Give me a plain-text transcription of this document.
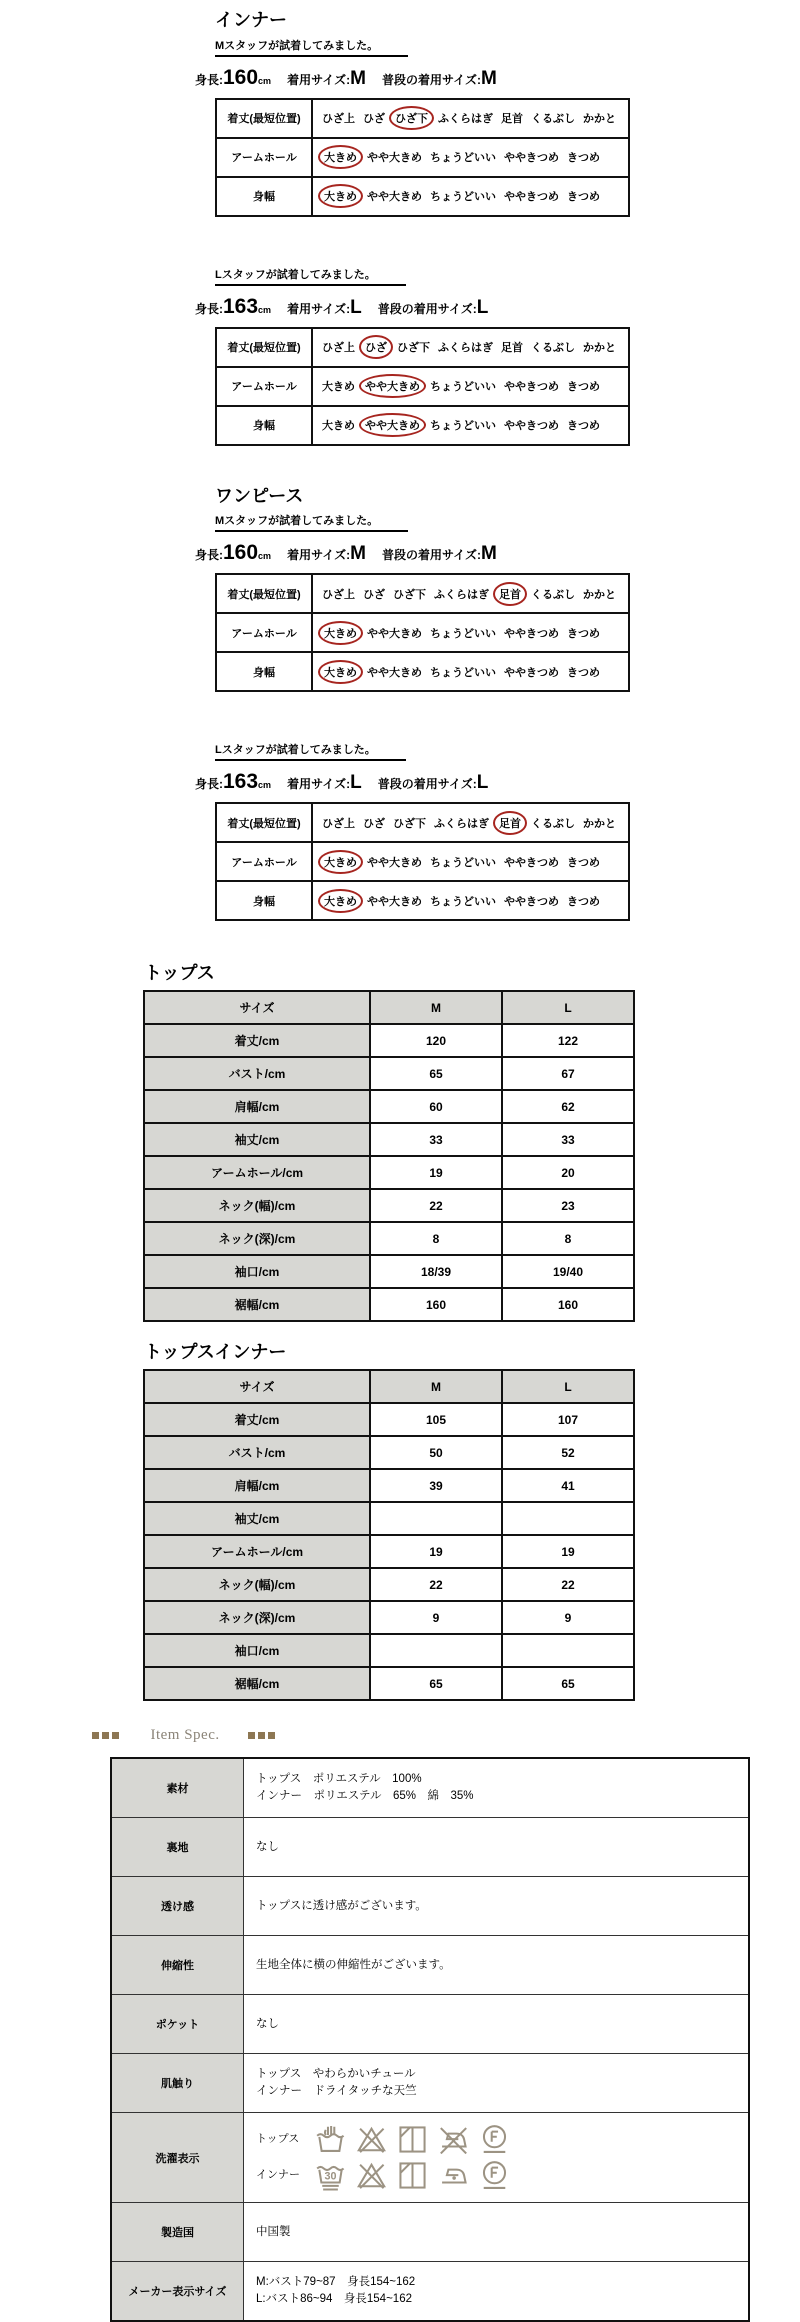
インナー
Mスタッフが試着してみました。
身長:160cm 着用サイズ:M 普段の着用サイズ:M
着丈(最短位置)	ひざ上 ひざ ひざ下 ふくらはぎ 足首 くるぶし かかと
アームホール	大きめ やや大きめ ちょうどいい ややきつめ きつめ
身幅	大きめ やや大きめ ちょうどいい ややきつめ きつめ
Lスタッフが試着してみました。
身長:163cm 着用サイズ:L 普段の着用サイズ:L
着丈(最短位置)	ひざ上 ひざ ひざ下 ふくらはぎ 足首 くるぶし かかと
アームホール	大きめ やや大きめ ちょうどいい ややきつめ きつめ
身幅	大きめ やや大きめ ちょうどいい ややきつめ きつめ
ワンピース
Mスタッフが試着してみました。
身長:160cm 着用サイズ:M 普段の着用サイズ:M
着丈(最短位置)	ひざ上 ひざ ひざ下 ふくらはぎ 足首 くるぶし かかと
アームホール	大きめ やや大きめ ちょうどいい ややきつめ きつめ
身幅	大きめ やや大きめ ちょうどいい ややきつめ きつめ
Lスタッフが試着してみました。
身長:163cm 着用サイズ:L 普段の着用サイズ:L
着丈(最短位置)	ひざ上 ひざ ひざ下 ふくらはぎ 足首 くるぶし かかと
アームホール	大きめ やや大きめ ちょうどいい ややきつめ きつめ
身幅	大きめ やや大きめ ちょうどいい ややきつめ きつめ
トップス
サイズ	M	L
着丈/cm	120	122
バスト/cm	65	67
肩幅/cm	60	62
袖丈/cm	33	33
アームホール/cm	19	20
ネック(幅)/cm	22	23
ネック(深)/cm	8	8
袖口/cm	18/39	19/40
裾幅/cm	160	160
トップスインナー
サイズ	M	L
着丈/cm	105	107
バスト/cm	50	52
肩幅/cm	39	41
袖丈/cm		
アームホール/cm	19	19
ネック(幅)/cm	22	22
ネック(深)/cm	9	9
袖口/cm		
裾幅/cm	65	65
Item Spec.
素材	トップス　ポリエステル　100%
インナー　ポリエステル　65%　綿　35%

裏地	なし

透け感	トップスに透け感がございます。

伸縮性	生地全体に横の伸縮性がございます。

ポケット	なし

肌触り	トップス　やわらかいチュール
インナー　ドライタッチな天竺

洗濯表示	トップス
インナー 30

製造国	中国製

メーカー表示サイズ	M:バスト79~87　身長154~162
L:バスト86~94　身長154~162
